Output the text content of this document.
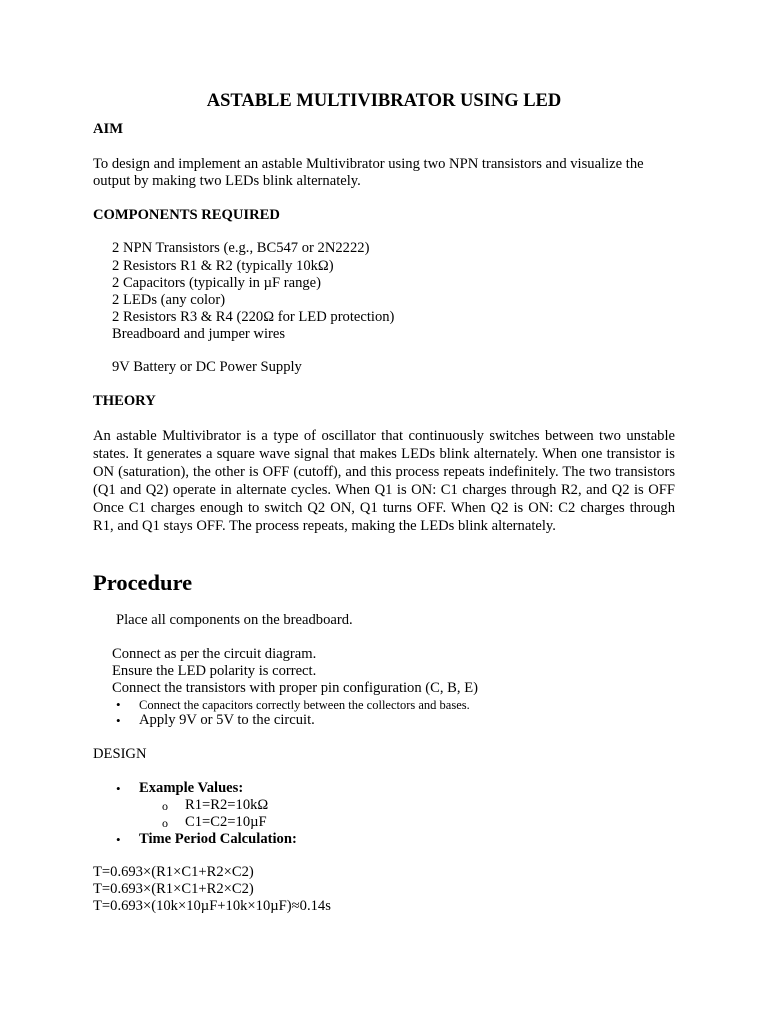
ASTABLE MULTIVIBRATOR USING LED
AIM
To design and implement an astable Multivibrator using two NPN transistors and visualize the output by making two LEDs blink alternately.
COMPONENTS REQUIRED
2 NPN Transistors (e.g., BC547 or 2N2222)
2 Resistors R1 & R2 (typically 10kΩ)
2 Capacitors (typically in µF range)
2 LEDs (any color)
2 Resistors R3 & R4 (220Ω for LED protection)
Breadboard and jumper wires
9V Battery or DC Power Supply
THEORY
An astable Multivibrator is a type of oscillator that continuously switches between two unstable states. It generates a square wave signal that makes LEDs blink alternately. When one transistor is ON (saturation), the other is OFF (cutoff), and this process repeats indefinitely. The two transistors (Q1 and Q2) operate in alternate cycles. When Q1 is ON: C1 charges through R2, and Q2 is OFF Once C1 charges enough to switch Q2 ON, Q1 turns OFF. When Q2 is ON: C2 charges through R1, and Q1 stays OFF. The process repeats, making the LEDs blink alternately.
Procedure
Place all components on the breadboard.
Connect as per the circuit diagram.
Ensure the LED polarity is correct.
Connect the transistors with proper pin configuration (C, B, E)
• Connect the capacitors correctly between the collectors and bases.
• Apply 9V or 5V to the circuit.
DESIGN
• Example Values:
o R1=R2=10kΩ
o C1=C2=10µF
• Time Period Calculation:
T=0.693×(R1×C1+R2×C2)
T=0.693×(R1×C1+R2×C2)
T=0.693×(10k×10µF+10k×10µF)≈0.14s
